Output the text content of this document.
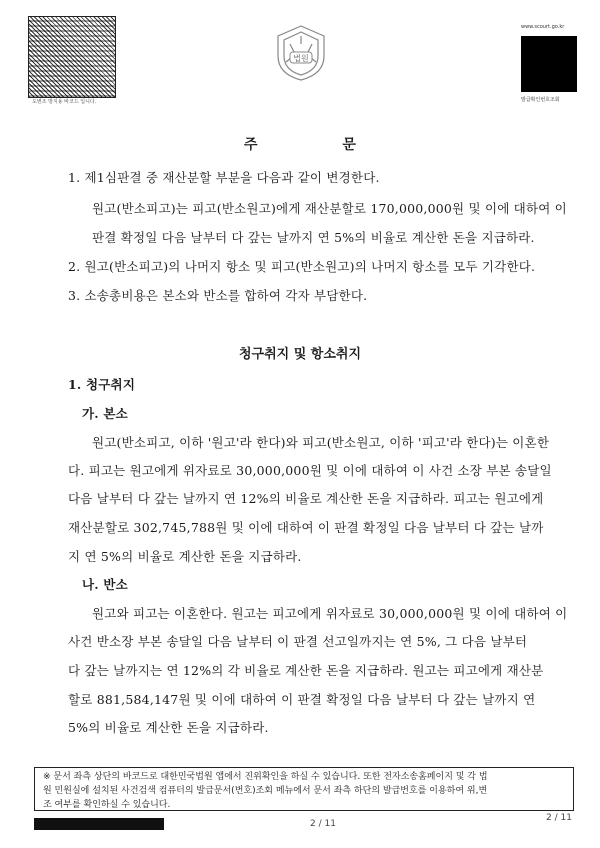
도변조 방지용 바코드 입니다.
법원
www.scourt.go.kr
발급확인번호조회
주 문
1. 제1심판결 중 재산분할 부분을 다음과 같이 변경한다.
원고(반소피고)는 피고(반소원고)에게 재산분할로 170,000,000원 및 이에 대하여 이
판결 확정일 다음 날부터 다 갚는 날까지 연 5%의 비율로 계산한 돈을 지급하라.
2. 원고(반소피고)의 나머지 항소 및 피고(반소원고)의 나머지 항소를 모두 기각한다.
3. 소송총비용은 본소와 반소를 합하여 각자 부담한다.
청구취지 및 항소취지
1. 청구취지
가. 본소
원고(반소피고, 이하 '원고'라 한다)와 피고(반소원고, 이하 '피고'라 한다)는 이혼한
다. 피고는 원고에게 위자료로 30,000,000원 및 이에 대하여 이 사건 소장 부본 송달일
다음 날부터 다 갚는 날까지 연 12%의 비율로 계산한 돈을 지급하라. 피고는 원고에게
재산분할로 302,745,788원 및 이에 대하여 이 판결 확정일 다음 날부터 다 갚는 날까
지 연 5%의 비율로 계산한 돈을 지급하라.
나. 반소
원고와 피고는 이혼한다. 원고는 피고에게 위자료로 30,000,000원 및 이에 대하여 이
사건 반소장 부본 송달일 다음 날부터 이 판결 선고일까지는 연 5%, 그 다음 날부터
다 갚는 날까지는 연 12%의 각 비율로 계산한 돈을 지급하라. 원고는 피고에게 재산분
할로 881,584,147원 및 이에 대하여 이 판결 확정일 다음 날부터 다 갚는 날까지 연
5%의 비율로 계산한 돈을 지급하라.
※ 문서 좌측 상단의 바코드로 대한민국법원 앱에서 진위확인을 하실 수 있습니다. 또한 전자소송홈페이지 및 각 법
원 민원실에 설치된 사건검색 컴퓨터의 발급문서(번호)조회 메뉴에서 문서 좌측 하단의 발급번호를 이용하여 위,변
조 여부를 확인하실 수 있습니다.
2 / 11
2 / 11
